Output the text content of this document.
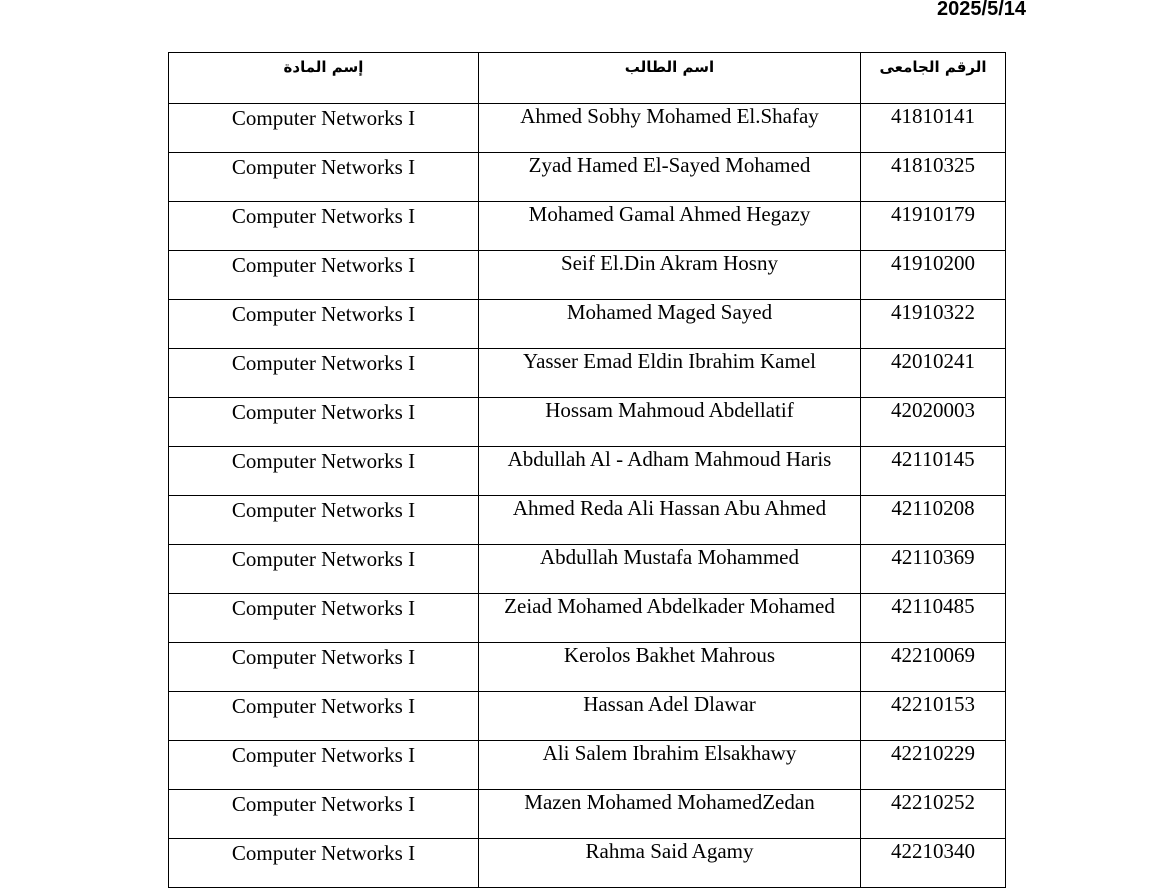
2025/5/14
إسم المادة	اسم الطالب	الرقم الجامعى
Computer Networks I	Ahmed Sobhy Mohamed El.Shafay	41810141
Computer Networks I	Zyad Hamed El-Sayed Mohamed	41810325
Computer Networks I	Mohamed Gamal Ahmed Hegazy	41910179
Computer Networks I	Seif El.Din Akram Hosny	41910200
Computer Networks I	Mohamed Maged Sayed	41910322
Computer Networks I	Yasser Emad Eldin Ibrahim Kamel	42010241
Computer Networks I	Hossam Mahmoud Abdellatif	42020003
Computer Networks I	Abdullah Al - Adham Mahmoud Haris	42110145
Computer Networks I	Ahmed Reda Ali Hassan Abu Ahmed	42110208
Computer Networks I	Abdullah Mustafa Mohammed	42110369
Computer Networks I	Zeiad Mohamed Abdelkader Mohamed	42110485
Computer Networks I	Kerolos Bakhet Mahrous	42210069
Computer Networks I	Hassan Adel Dlawar	42210153
Computer Networks I	Ali Salem Ibrahim Elsakhawy	42210229
Computer Networks I	Mazen Mohamed MohamedZedan	42210252
Computer Networks I	Rahma Said Agamy	42210340
